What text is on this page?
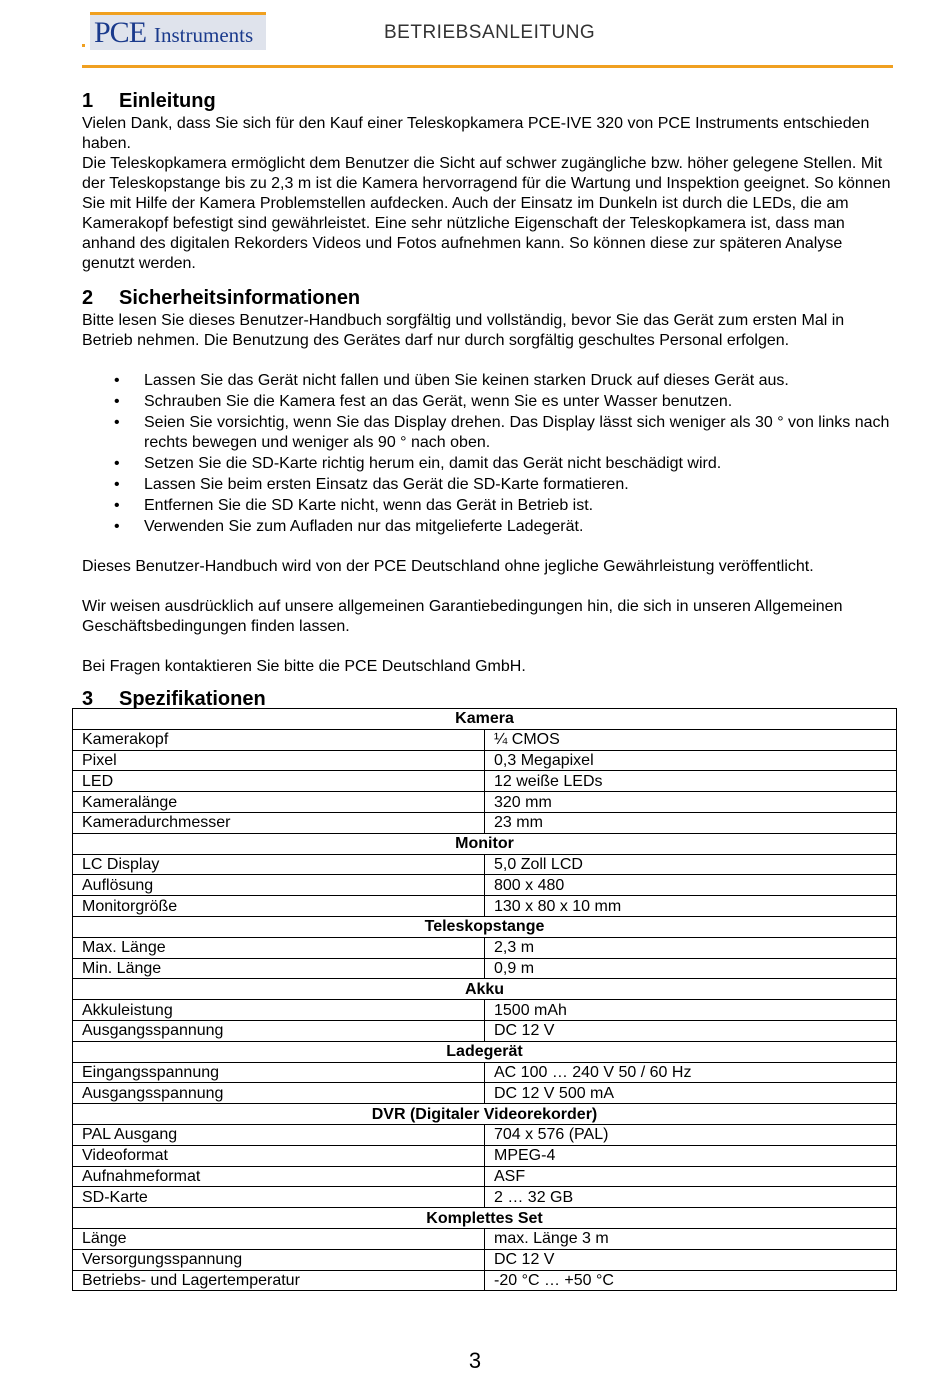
PCE Instruments	BETRIEBSANLEITUNG
1 Einleitung

Vielen Dank, dass Sie sich für den Kauf einer Teleskopkamera PCE-IVE 320 von PCE Instruments entschieden haben.

Die Teleskopkamera ermöglicht dem Benutzer die Sicht auf schwer zugängliche bzw. höher gelegene Stellen. Mit der Teleskopstange bis zu 2,3 m ist die Kamera hervorragend für die Wartung und Inspektion geeignet. So können Sie mit Hilfe der Kamera Problemstellen aufdecken. Auch der Einsatz im Dunkeln ist durch die LEDs, die am Kamerakopf befestigt sind gewährleistet. Eine sehr nützliche Eigenschaft der Teleskopkamera ist, dass man anhand des digitalen Rekorders Videos und Fotos aufnehmen kann. So können diese zur späteren Analyse genutzt werden.

2 Sicherheitsinformationen

Bitte lesen Sie dieses Benutzer-Handbuch sorgfältig und vollständig, bevor Sie das Gerät zum ersten Mal in Betrieb nehmen. Die Benutzung des Gerätes darf nur durch sorgfältig geschultes Personal erfolgen.

• Lassen Sie das Gerät nicht fallen und üben Sie keinen starken Druck auf dieses Gerät aus.
• Schrauben Sie die Kamera fest an das Gerät, wenn Sie es unter Wasser benutzen.
• Seien Sie vorsichtig, wenn Sie das Display drehen. Das Display lässt sich weniger als 30 ° von links nach rechts bewegen und weniger als 90 ° nach oben.
• Setzen Sie die SD-Karte richtig herum ein, damit das Gerät nicht beschädigt wird.
• Lassen Sie beim ersten Einsatz das Gerät die SD-Karte formatieren.
• Entfernen Sie die SD Karte nicht, wenn das Gerät in Betrieb ist.
• Verwenden Sie zum Aufladen nur das mitgelieferte Ladegerät.

Dieses Benutzer-Handbuch wird von der PCE Deutschland ohne jegliche Gewährleistung veröffentlicht.

Wir weisen ausdrücklich auf unsere allgemeinen Garantiebedingungen hin, die sich in unseren Allgemeinen Geschäftsbedingungen finden lassen.

Bei Fragen kontaktieren Sie bitte die PCE Deutschland GmbH.

3 Spezifikationen
Kamera	
Kamerakopf	¼ CMOS
Pixel	0,3 Megapixel
LED	12 weiße LEDs
Kameralänge	320 mm
Kameradurchmesser	23 mm
Monitor	
LC Display	5,0 Zoll LCD
Auflösung	800 x 480
Monitorgröße	130 x 80 x 10 mm
Teleskopstange	
Max. Länge	2,3 m
Min. Länge	0,9 m
Akku	
Akkuleistung	1500 mAh
Ausgangsspannung	DC 12 V
Ladegerät	
Eingangsspannung	AC 100 … 240 V 50 / 60 Hz
Ausgangsspannung	DC 12 V 500 mA
DVR (Digitaler Videorekorder)	
PAL Ausgang	704 x 576 (PAL)
Videoformat	MPEG-4
Aufnahmeformat	ASF
SD-Karte	2 … 32 GB
Komplettes Set	
Länge	max. Länge 3 m
Versorgungsspannung	DC 12 V
Betriebs- und Lagertemperatur	-20 °C … +50 °C
3
